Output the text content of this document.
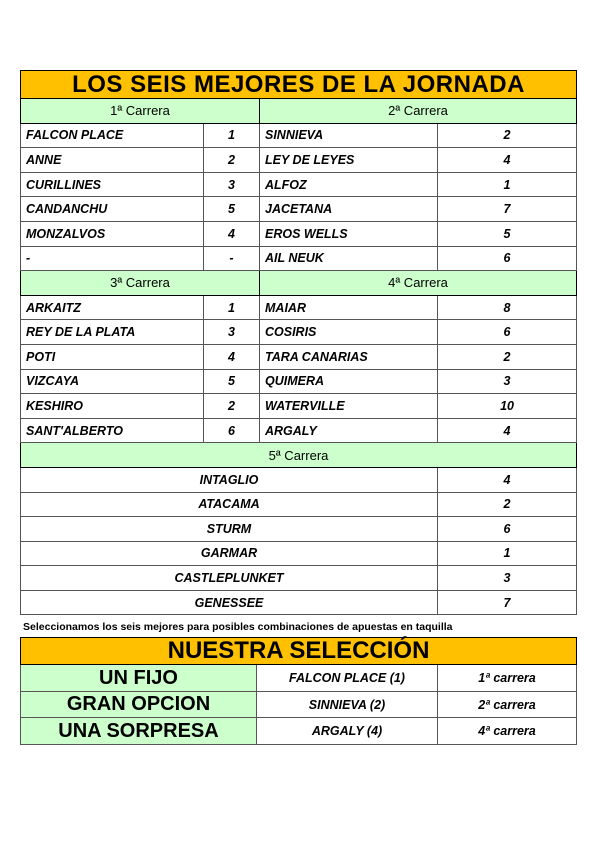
LOS SEIS MEJORES DE LA JORNADA			
1ª Carrera		2ª Carrera	
FALCON PLACE	1	SINNIEVA	2
ANNE	2	LEY DE LEYES	4
CURILLINES	3	ALFOZ	1
CANDANCHU	5	JACETANA	7
MONZALVOS	4	EROS WELLS	5
-	-	AIL NEUK	6
3ª Carrera		4ª Carrera	
ARKAITZ	1	MAIAR	8
REY DE LA PLATA	3	COSIRIS	6
POTI	4	TARA CANARIAS	2
VIZCAYA	5	QUIMERA	3
KESHIRO	2	WATERVILLE	10
SANT'ALBERTO	6	ARGALY	4
5ª Carrera			
INTAGLIO			4
ATACAMA			2
STURM			6
GARMAR			1
CASTLEPLUNKET			3
GENESSEE			7
Seleccionamos los seis mejores para posibles combinaciones de apuestas en taquilla
NUESTRA SELECCIÓN		
UN FIJO	FALCON PLACE (1)	1ª carrera
GRAN OPCION	SINNIEVA (2)	2ª carrera
UNA SORPRESA	ARGALY (4)	4ª carrera
